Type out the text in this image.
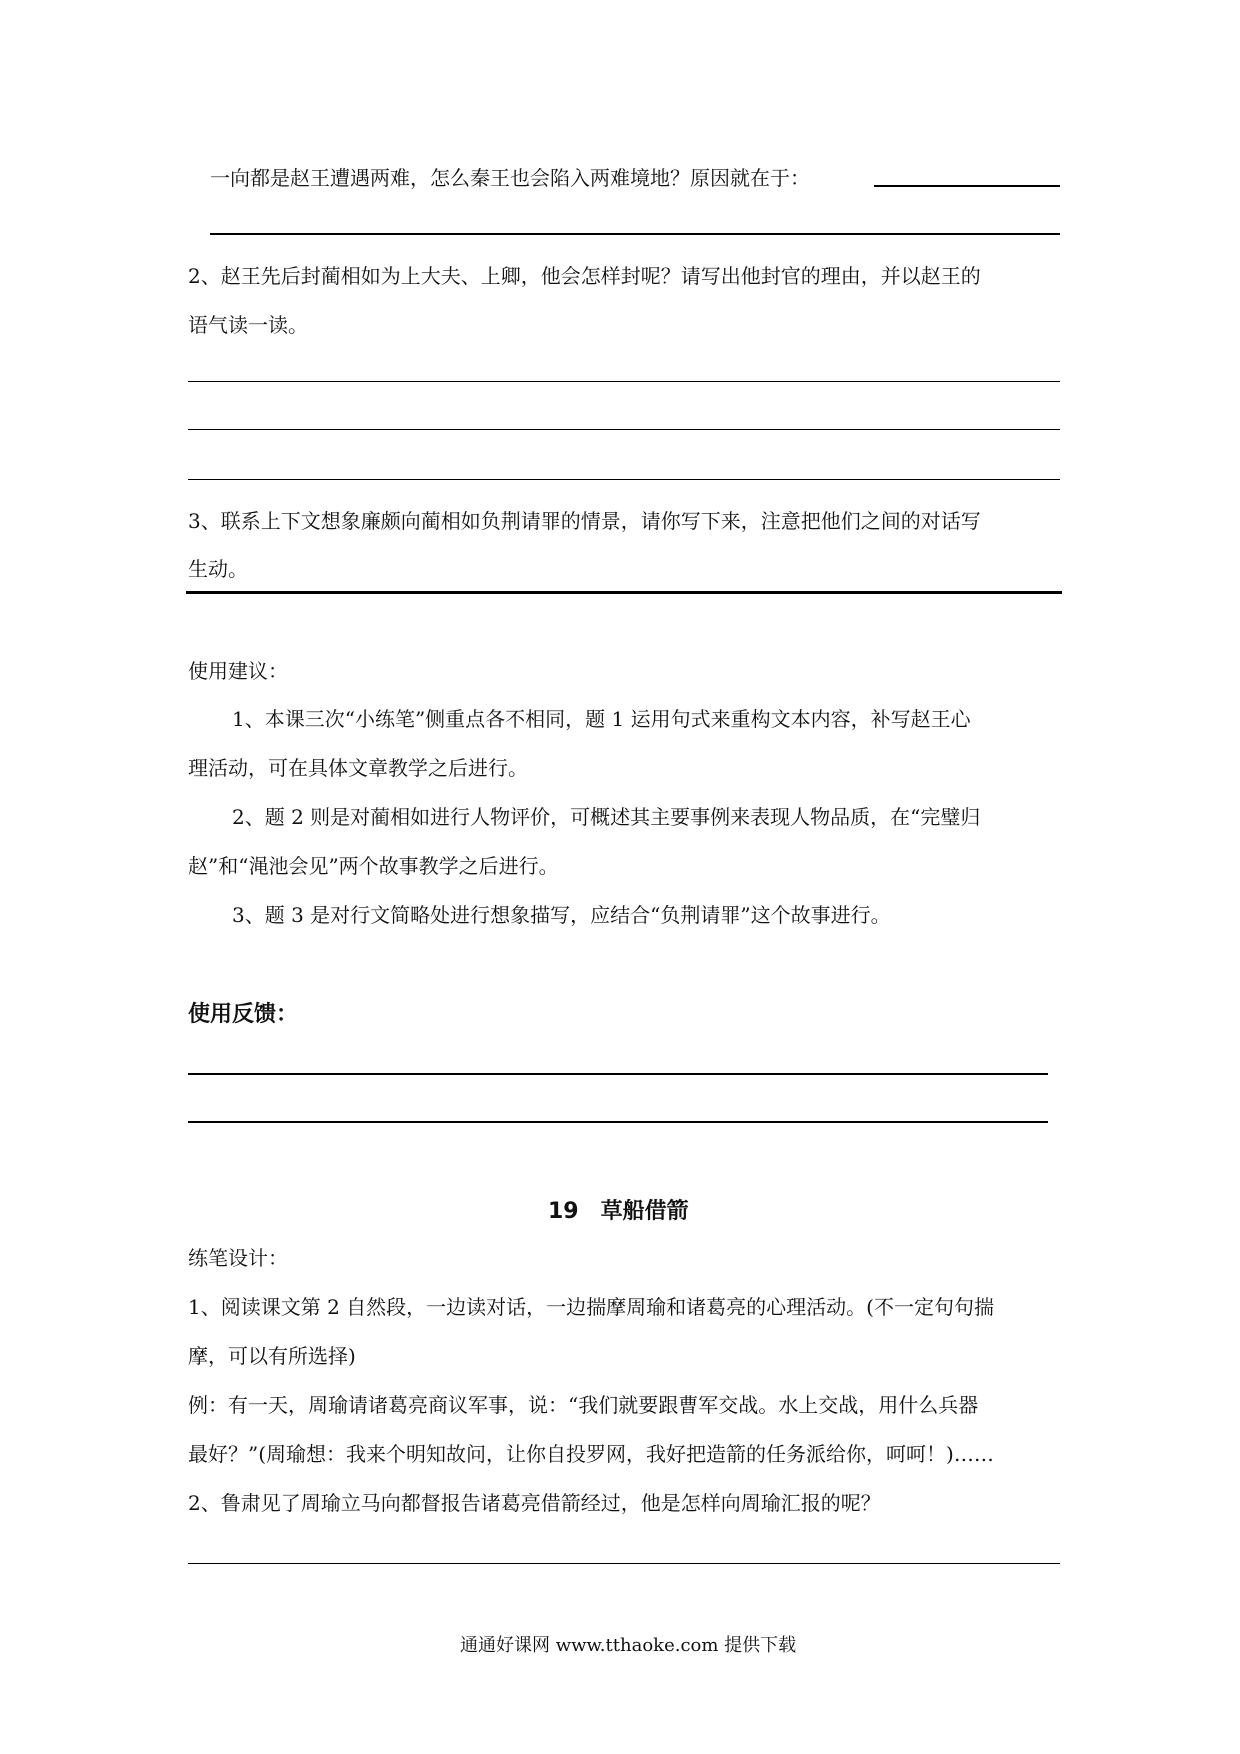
一向都是赵王遭遇两难，怎么秦王也会陷入两难境地？原因就在于：
2、赵王先后封蔺相如为上大夫、上卿，他会怎样封呢？请写出他封官的理由，并以赵王的
语气读一读。
3、联系上下文想象廉颇向蔺相如负荆请罪的情景，请你写下来，注意把他们之间的对话写
生动。
使用建议：
1、本课三次“小练笔”侧重点各不相同，题 1 运用句式来重构文本内容，补写赵王心
理活动，可在具体文章教学之后进行。
2、题 2 则是对蔺相如进行人物评价，可概述其主要事例来表现人物品质，在“完璧归
赵”和“渑池会见”两个故事教学之后进行。
3、题 3 是对行文简略处进行想象描写，应结合“负荆请罪”这个故事进行。
使用反馈：
19　草船借箭
练笔设计：
1、阅读课文第 2 自然段，一边读对话，一边揣摩周瑜和诸葛亮的心理活动。(不一定句句揣
摩，可以有所选择)
例：有一天，周瑜请诸葛亮商议军事，说：“我们就要跟曹军交战。水上交战，用什么兵器
最好？”(周瑜想：我来个明知故问，让你自投罗网，我好把造箭的任务派给你，呵呵！)……
2、鲁肃见了周瑜立马向都督报告诸葛亮借箭经过，他是怎样向周瑜汇报的呢？
通通好课网 www.tthaoke.com 提供下载
